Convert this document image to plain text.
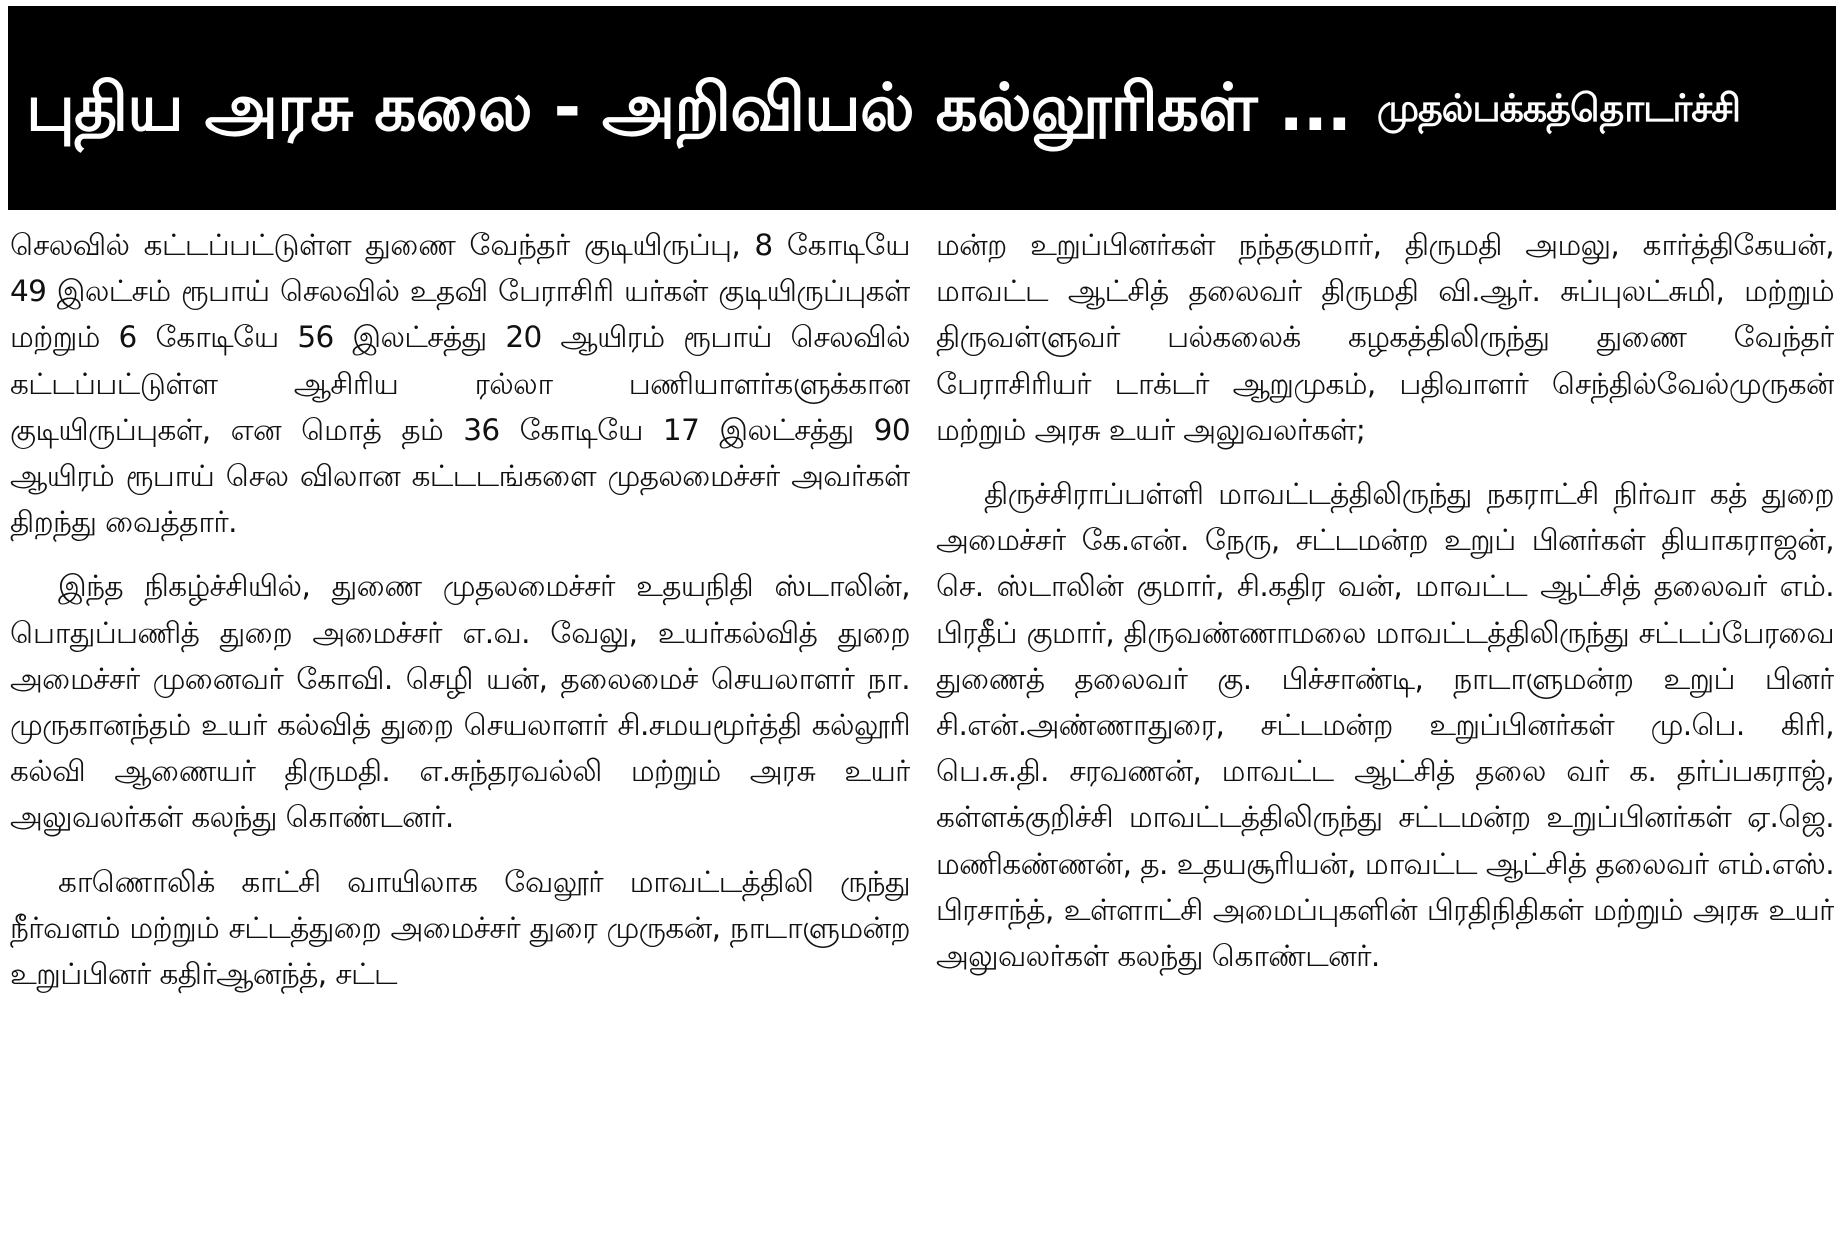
புதிய அரசு கலை - அறிவியல் கல்லூரிகள் ... முதல்பக்கத்தொடர்ச்சி

செலவில் கட்டப்பட்டுள்ள துணை வேந்தர் குடியிருப்பு, 8 கோடியே 49 இலட்சம் ரூபாய் செலவில் உதவி பேராசிரி யர்கள் குடியிருப்புகள் மற்றும் 6 கோடியே 56 இலட்சத்து 20 ஆயிரம் ரூபாய் செலவில் கட்டப்பட்டுள்ள ஆசிரிய ரல்லா பணியாளர்களுக்கான குடியிருப்புகள், என மொத் தம் 36 கோடியே 17 இலட்சத்து 90 ஆயிரம் ரூபாய் செல விலான கட்டடங்களை முதலமைச்சர் அவர்கள் திறந்து வைத்தார்.

இந்த நிகழ்ச்சியில், துணை முதலமைச்சர் உதயநிதி ஸ்டாலின், பொதுப்பணித் துறை அமைச்சர் எ.வ. வேலு, உயர்கல்வித் துறை அமைச்சர் முனைவர் கோவி. செழி யன், தலைமைச் செயலாளர் நா. முருகானந்தம் உயர் கல்வித் துறை செயலாளர் சி.சமயமூர்த்தி கல்லூரி கல்வி ஆணையர் திருமதி. எ.சுந்தரவல்லி மற்றும் அரசு உயர் அலுவலர்கள் கலந்து கொண்டனர்.

காணொலிக் காட்சி வாயிலாக வேலூர் மாவட்டத்திலி ருந்து நீர்வளம் மற்றும் சட்டத்துறை அமைச்சர் துரை முருகன், நாடாளுமன்ற உறுப்பினர் கதிர்ஆனந்த், சட்ட

மன்ற உறுப்பினர்கள் நந்தகுமார், திருமதி அமலு, கார்த்திகேயன், மாவட்ட ஆட்சித் தலைவர் திருமதி வி.ஆர். சுப்புலட்சுமி, மற்றும் திருவள்ளுவர் பல்கலைக் கழகத்திலிருந்து துணை வேந்தர் பேராசிரியர் டாக்டர் ஆறுமுகம், பதிவாளர் செந்தில்வேல்முருகன் மற்றும் அரசு உயர் அலுவலர்கள்;

திருச்சிராப்பள்ளி மாவட்டத்திலிருந்து நகராட்சி நிர்வா கத் துறை அமைச்சர் கே.என். நேரு, சட்டமன்ற உறுப் பினர்கள் தியாகராஜன், செ. ஸ்டாலின் குமார், சி.கதிர வன், மாவட்ட ஆட்சித் தலைவர் எம். பிரதீப் குமார், திருவண்ணாமலை மாவட்டத்திலிருந்து சட்டப்பேரவை துணைத் தலைவர் கு. பிச்சாண்டி, நாடாளுமன்ற உறுப் பினர் சி.என்.அண்ணாதுரை, சட்டமன்ற உறுப்பினர்கள் மு.பெ. கிரி, பெ.சு.தி. சரவணன், மாவட்ட ஆட்சித் தலை வர் க. தர்ப்பகராஜ், கள்ளக்குறிச்சி மாவட்டத்திலிருந்து சட்டமன்ற உறுப்பினர்கள் ஏ.ஜெ. மணிகண்ணன், த. உதயசூரியன், மாவட்ட ஆட்சித் தலைவர் எம்.எஸ். பிரசாந்த், உள்ளாட்சி அமைப்புகளின் பிரதிநிதிகள் மற்றும் அரசு உயர் அலுவலர்கள் கலந்து கொண்டனர்.
